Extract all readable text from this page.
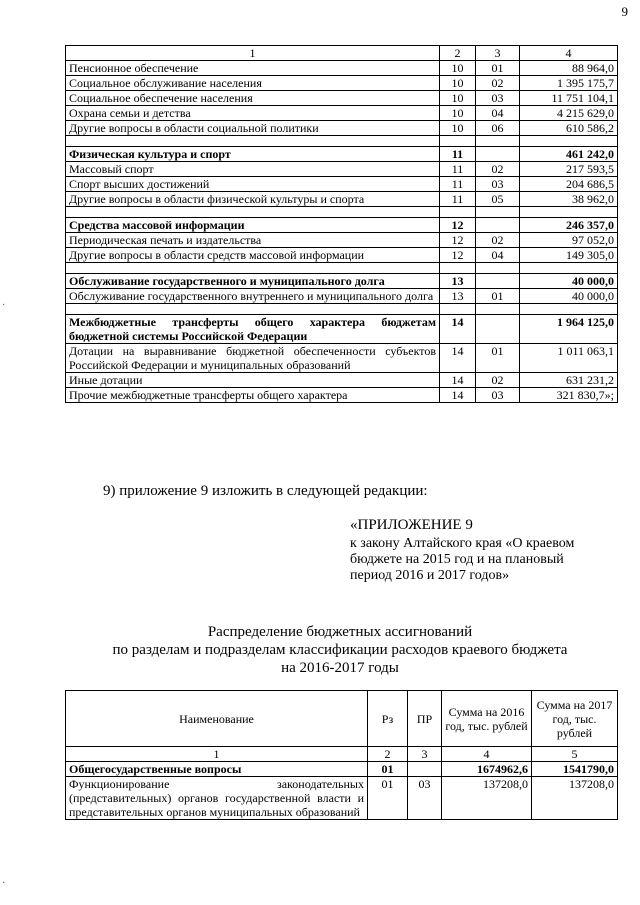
9
1	2	3	4
Пенсионное обеспечение	10	01	88 964,0
Социальное обслуживание населения	10	02	1 395 175,7
Социальное обеспечение населения	10	03	11 751 104,1
Охрана семьи и детства	10	04	4 215 629,0
Другие вопросы в области социальной политики	10	06	610 586,2

Физическая культура и спорт	11		461 242,0
Массовый спорт	11	02	217 593,5
Спорт высших достижений	11	03	204 686,5
Другие вопросы в области физической культуры и спорта	11	05	38 962,0

Средства массовой информации	12		246 357,0
Периодическая печать и издательства	12	02	97 052,0
Другие вопросы в области средств массовой информации	12	04	149 305,0

Обслуживание государственного и муниципального долга	13		40 000,0
Обслуживание государственного внутреннего и муниципального долга	13	01	40 000,0

Межбюджетные трансферты общего характера бюджетам бюджетной системы Российской Федерации	14		1 964 125,0
Дотации на выравнивание бюджетной обеспеченности субъектов Российской Федерации и муниципальных образований	14	01	1 011 063,1
Иные дотации	14	02	631 231,2
Прочие межбюджетные трансферты общего характера	14	03	321 830,7»;
9) приложение 9 изложить в следующей редакции:
«ПРИЛОЖЕНИЕ 9
к закону Алтайского края «О краевом
бюджете на 2015 год и на плановый
период 2016 и 2017 годов»
Распределение бюджетных ассигнований
по разделам и подразделам классификации расходов краевого бюджета
на 2016-2017 годы
Наименование	Рз	ПР	Сумма на 2016 год, тыс. рублей	Сумма на 2017 год, тыс. рублей
1	2	3	4	5
Общегосударственные вопросы	01		1674962,6	1541790,0
Функционирование законодательных (представительных) органов государственной власти и представительных органов муниципальных образований	01	03	137208,0	137208,0
·
·
